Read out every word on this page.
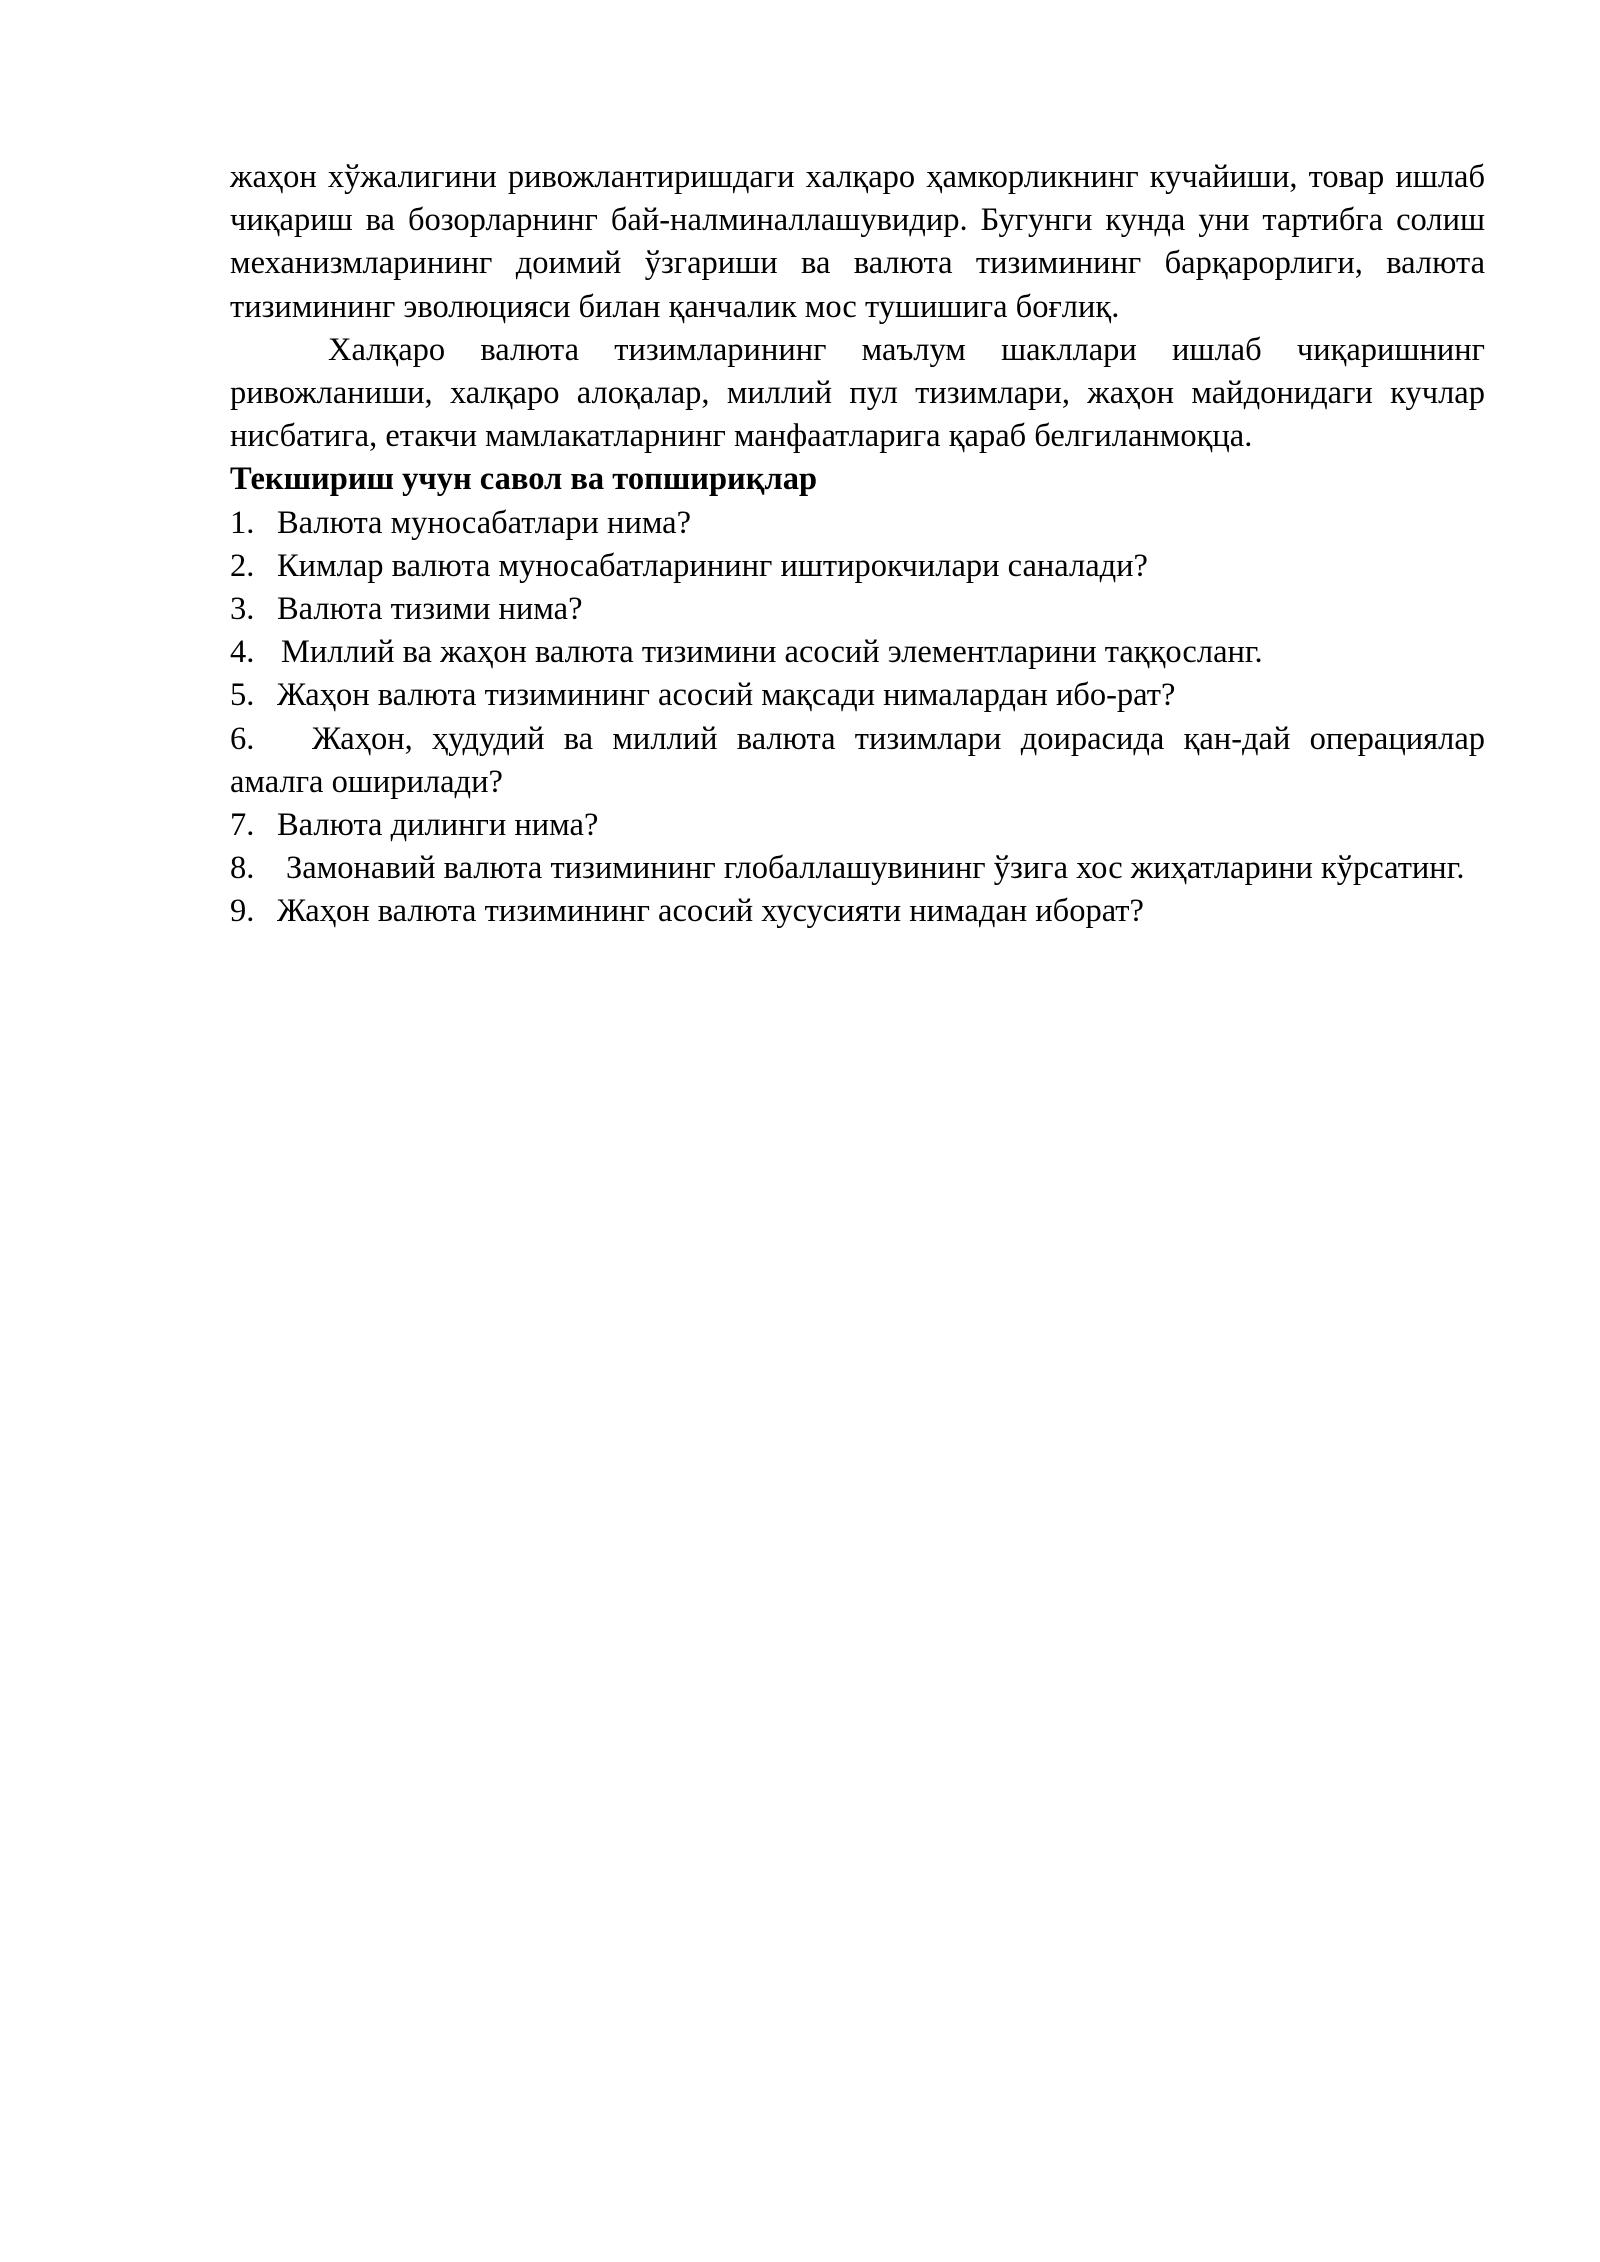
жаҳон хўжалигини ривожлантиришдаги халқаро ҳамкорликнинг кучайиши, товар ишлаб чиқариш ва бозорларнинг бай-налминаллашувидир. Бугунги кунда уни тартибга солиш механизмларининг доимий ўзгариши ва валюта тизимининг барқарорлиги, валюта тизимининг эволюцияси билан қанчалик мос тушишига боғлиқ.

Халқаро валюта тизимларининг маълум шакллари ишлаб чиқаришнинг ривожланиши, халқаро алоқалар, миллий пул тизимлари, жаҳон майдонидаги кучлар нисбатига, етакчи мамлакатларнинг манфаатларига қараб белгиланмоқца.

Текшириш учун савол ва топшириқлар

1. Валюта муносабатлари нима?
2. Кимлар валюта муносабатларининг иштирокчилари саналади?
3. Валюта тизими нима?
4. Миллий ва жаҳон валюта тизимини асосий элементларини таққосланг.
5. Жаҳон валюта тизимининг асосий мақсади нималардан ибо-рат?

6. Жаҳон, ҳудудий ва миллий валюта тизимлари доирасида қан-дай операциялар амалга оширилади?

7. Валюта дилинги нима?

8. Замонавий валюта тизимининг глобаллашувининг ўзига хос жиҳатларини кўрсатинг.

9. Жаҳон валюта тизимининг асосий хусусияти нимадан иборат?
